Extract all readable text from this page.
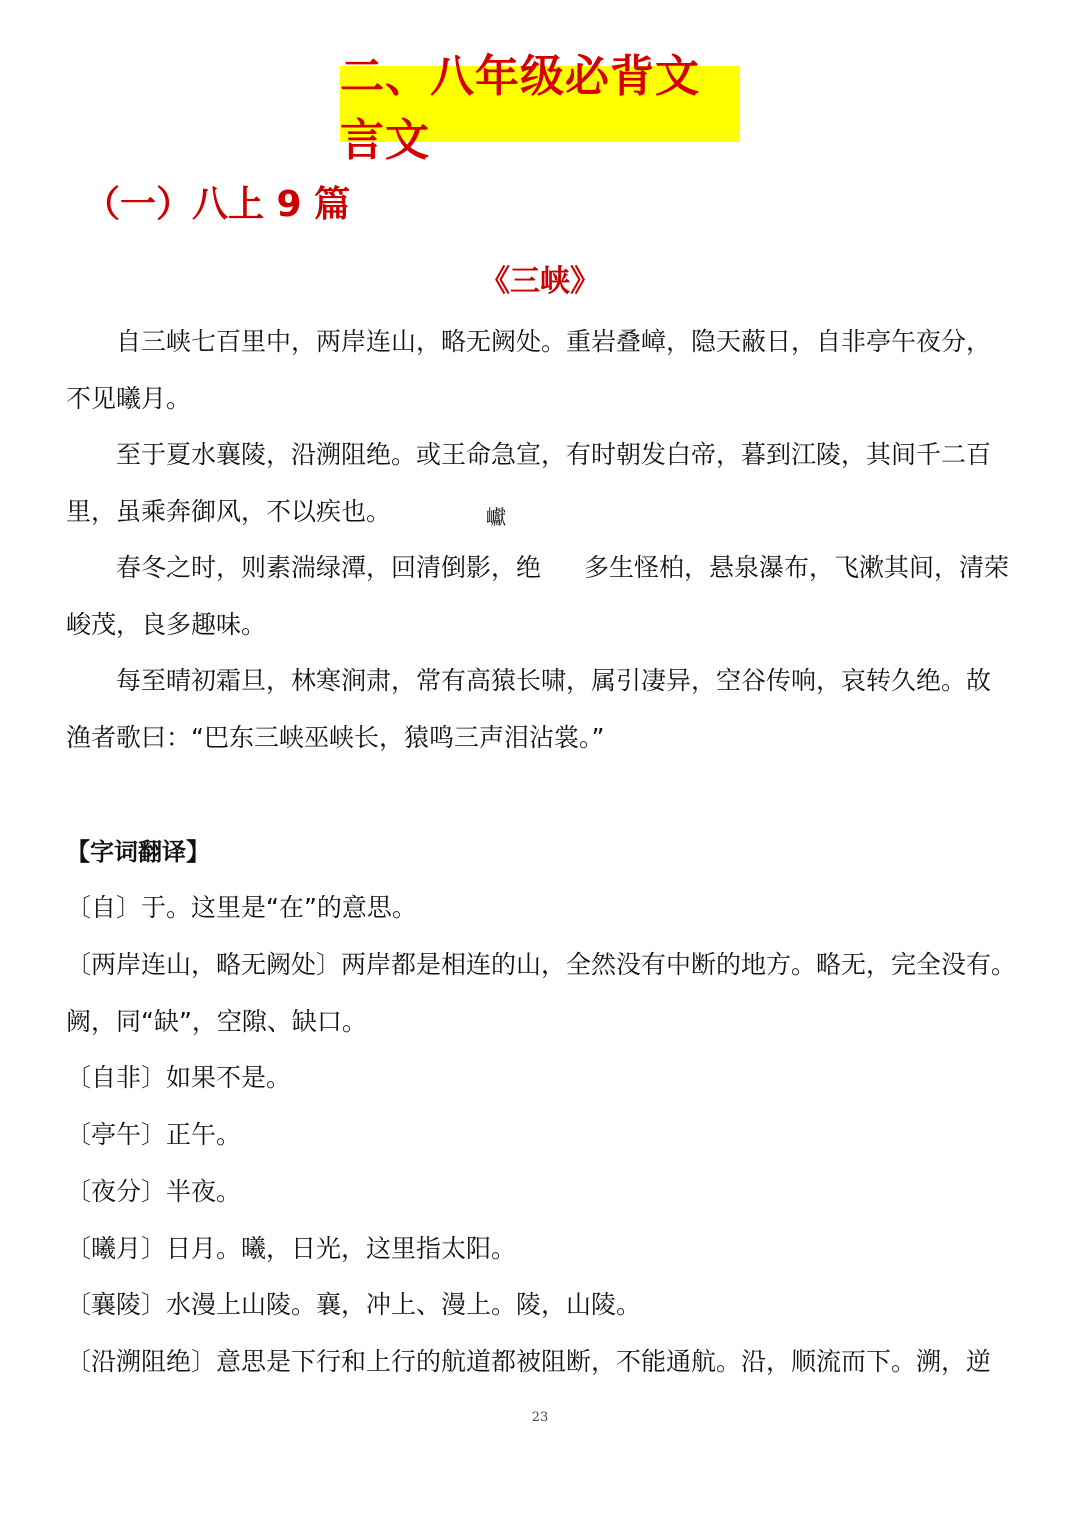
二、八年级必背文言文
（一）八上 9 篇
《三峡》
自三峡七百里中，两岸连山，略无阙处。重岩叠嶂，隐天蔽日，自非亭午夜分，
不见曦月。
至于夏水襄陵，沿溯阻绝。或王命急宣，有时朝发白帝，暮到江陵，其间千二百
里，虽乘奔御风，不以疾也。
春冬之时，则素湍绿潭，回清倒影，绝 多生怪柏，悬泉瀑布，飞漱其间，清荣
峻茂，良多趣味。
每至晴初霜旦，林寒涧肃，常有高猿长啸，属引凄异，空谷传响，哀转久绝。故
渔者歌曰：“巴东三峡巫峡长，猿鸣三声泪沾裳。”
巘
【字词翻译】
〔自〕于。这里是“在”的意思。
〔两岸连山，略无阙处〕两岸都是相连的山，全然没有中断的地方。略无，完全没有。
阙，同“缺”，空隙、缺口。
〔自非〕如果不是。
〔亭午〕正午。
〔夜分〕半夜。
〔曦月〕日月。曦，日光，这里指太阳。
〔襄陵〕水漫上山陵。襄，冲上、漫上。陵，山陵。
〔沿溯阻绝〕意思是下行和上行的航道都被阻断，不能通航。沿，顺流而下。溯，逆
23
